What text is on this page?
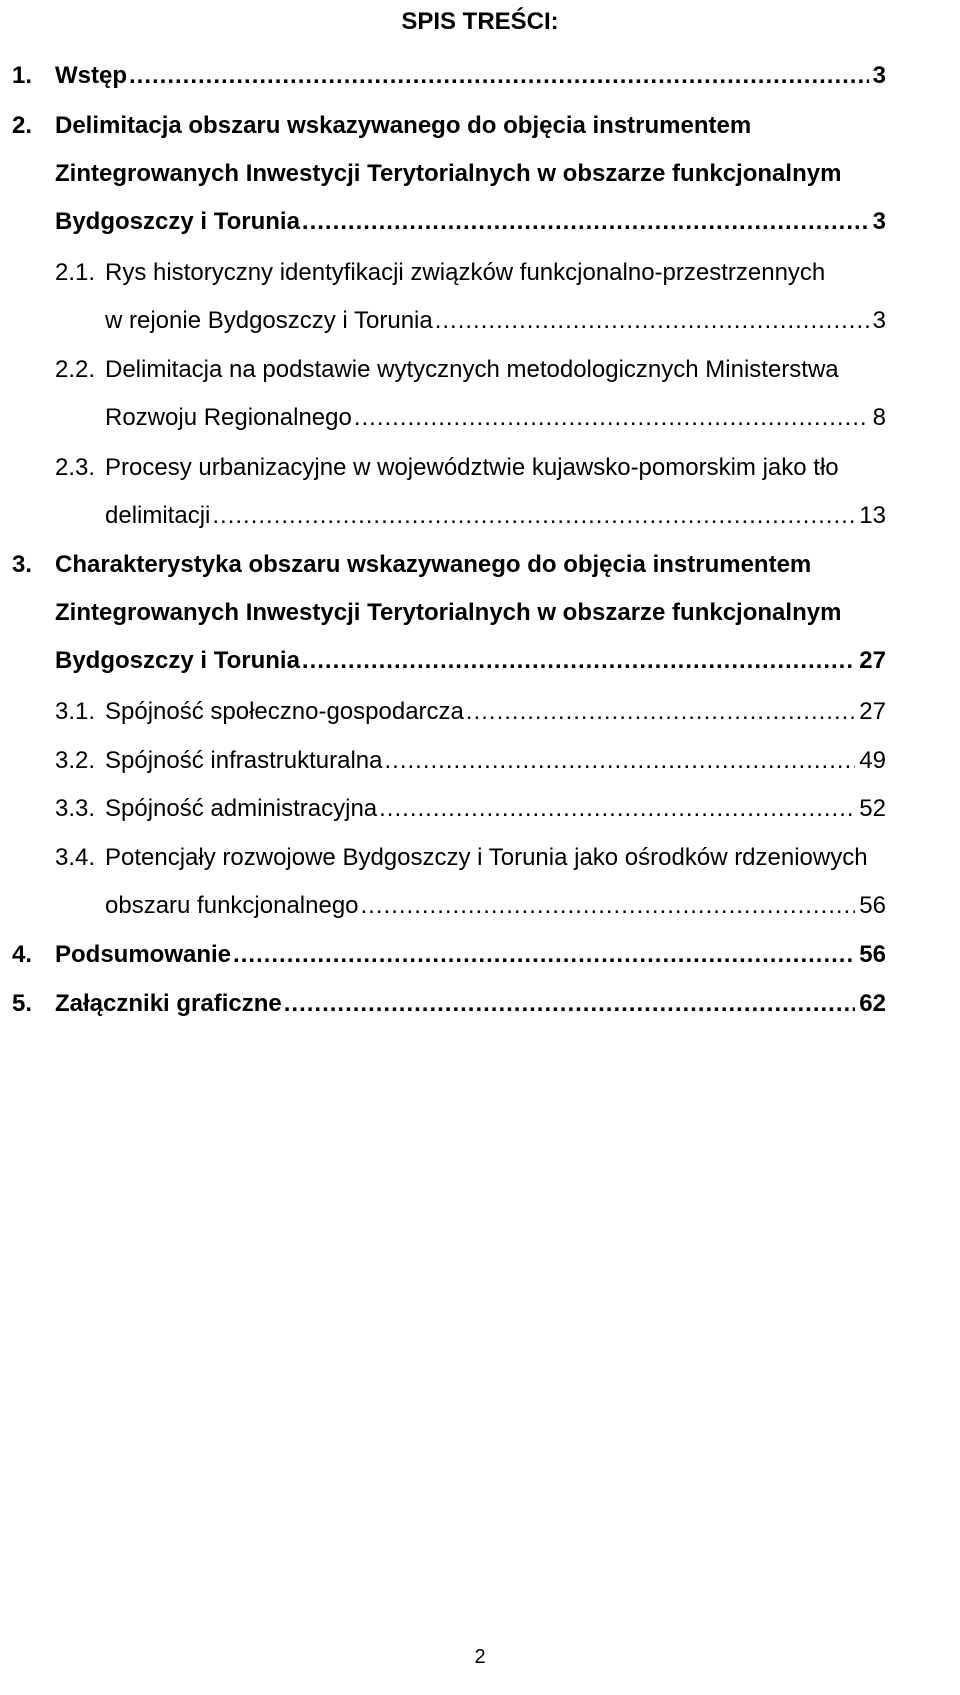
SPIS TREŚCI:
1. Wstęp .....	3
2. Delimitacja obszaru wskazywanego do objęcia instrumentem
Zintegrowanych Inwestycji Terytorialnych w obszarze funkcjonalnym
Bydgoszczy i Torunia .....	3
2.1. Rys historyczny identyfikacji związków funkcjonalno-przestrzennych
w rejonie Bydgoszczy i Torunia .....	3
2.2. Delimitacja na podstawie wytycznych metodologicznych Ministerstwa
Rozwoju Regionalnego .....	8
2.3. Procesy urbanizacyjne w województwie kujawsko-pomorskim jako tło
delimitacji .....	13
3. Charakterystyka obszaru wskazywanego do objęcia instrumentem
Zintegrowanych Inwestycji Terytorialnych w obszarze funkcjonalnym
Bydgoszczy i Torunia .....	27
3.1. Spójność społeczno-gospodarcza .....	27
3.2. Spójność infrastrukturalna .....	49
3.3. Spójność administracyjna .....	52
3.4. Potencjały rozwojowe Bydgoszczy i Torunia jako ośrodków rdzeniowych
obszaru funkcjonalnego .....	56
4. Podsumowanie .....	56
5. Załączniki graficzne .....	62
2
